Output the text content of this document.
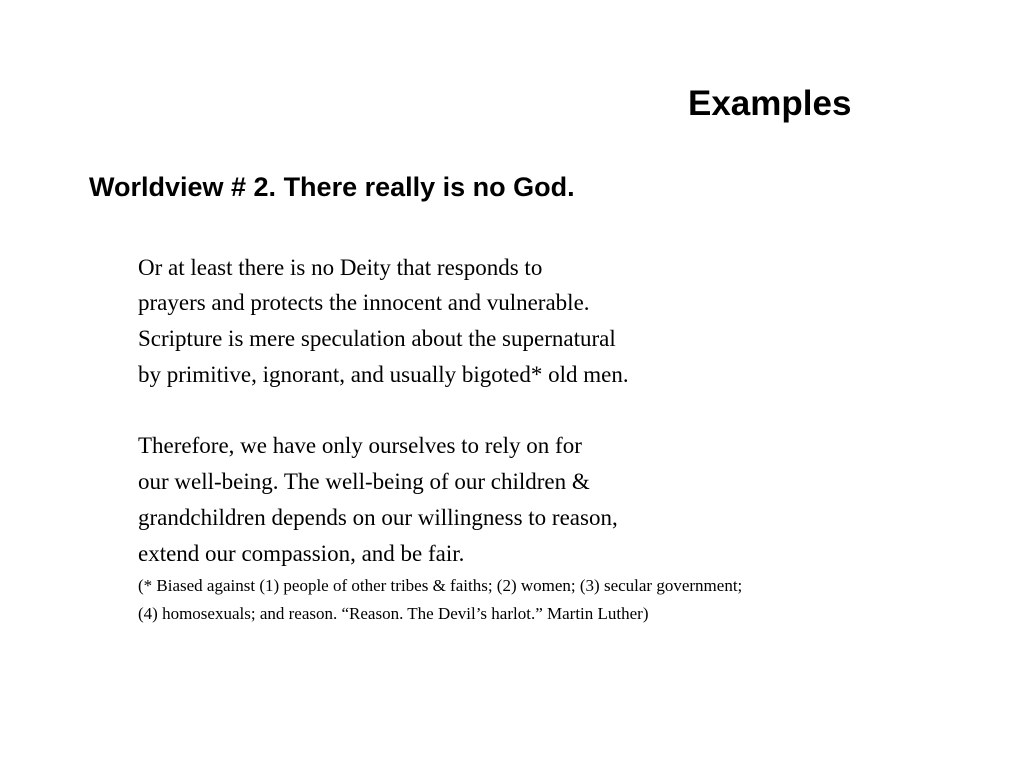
Examples
Worldview # 2. There really is no God.
Or at least there is no Deity that responds to
prayers and protects the innocent and vulnerable.
Scripture is mere speculation about the supernatural
by primitive, ignorant, and usually bigoted* old men.
Therefore, we have only ourselves to rely on for
our well-being. The well-being of our children &
grandchildren depends on our willingness to reason,
extend our compassion, and be fair.
(* Biased against (1) people of other tribes & faiths; (2) women; (3) secular government;
(4) homosexuals; and reason. “Reason. The Devil’s harlot.” Martin Luther)
